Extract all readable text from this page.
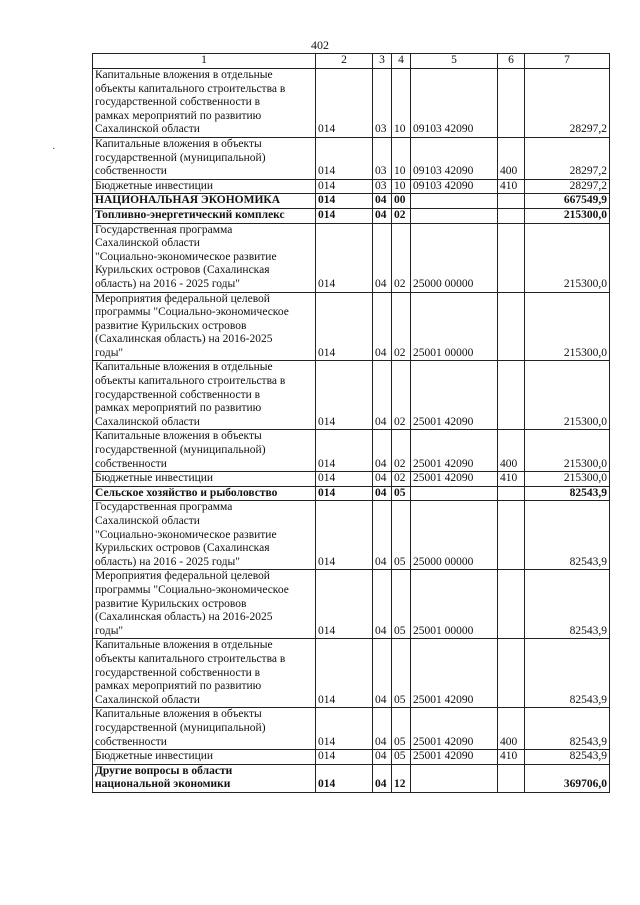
402
˙
1	2	3	4	5	6	7
Капитальные вложения в отдельные
объекты капитального строительства в
государственной собственности в
рамках мероприятий по развитию
Сахалинской области	014	03	10	09103 42090		28297,2
Капитальные вложения в объекты
государственной (муниципальной)
собственности	014	03	10	09103 42090	400	28297,2
Бюджетные инвестиции	014	03	10	09103 42090	410	28297,2
НАЦИОНАЛЬНАЯ ЭКОНОМИКА	014	04	00			667549,9
Топливно-энергетический комплекс	014	04	02			215300,0
Государственная программа
Сахалинской области
"Социально-экономическое развитие
Курильских островов (Сахалинская
область) на 2016 - 2025 годы"	014	04	02	25000 00000		215300,0
Мероприятия федеральной целевой
программы "Социально-экономическое
развитие Курильских островов
(Сахалинская область) на 2016-2025
годы"	014	04	02	25001 00000		215300,0
Капитальные вложения в отдельные
объекты капитального строительства в
государственной собственности в
рамках мероприятий по развитию
Сахалинской области	014	04	02	25001 42090		215300,0
Капитальные вложения в объекты
государственной (муниципальной)
собственности	014	04	02	25001 42090	400	215300,0
Бюджетные инвестиции	014	04	02	25001 42090	410	215300,0
Сельское хозяйство и рыболовство	014	04	05			82543,9
Государственная программа
Сахалинской области
"Социально-экономическое развитие
Курильских островов (Сахалинская
область) на 2016 - 2025 годы"	014	04	05	25000 00000		82543,9
Мероприятия федеральной целевой
программы "Социально-экономическое
развитие Курильских островов
(Сахалинская область) на 2016-2025
годы"	014	04	05	25001 00000		82543,9
Капитальные вложения в отдельные
объекты капитального строительства в
государственной собственности в
рамках мероприятий по развитию
Сахалинской области	014	04	05	25001 42090		82543,9
Капитальные вложения в объекты
государственной (муниципальной)
собственности	014	04	05	25001 42090	400	82543,9
Бюджетные инвестиции	014	04	05	25001 42090	410	82543,9
Другие вопросы в области
национальной экономики	014	04	12			369706,0
